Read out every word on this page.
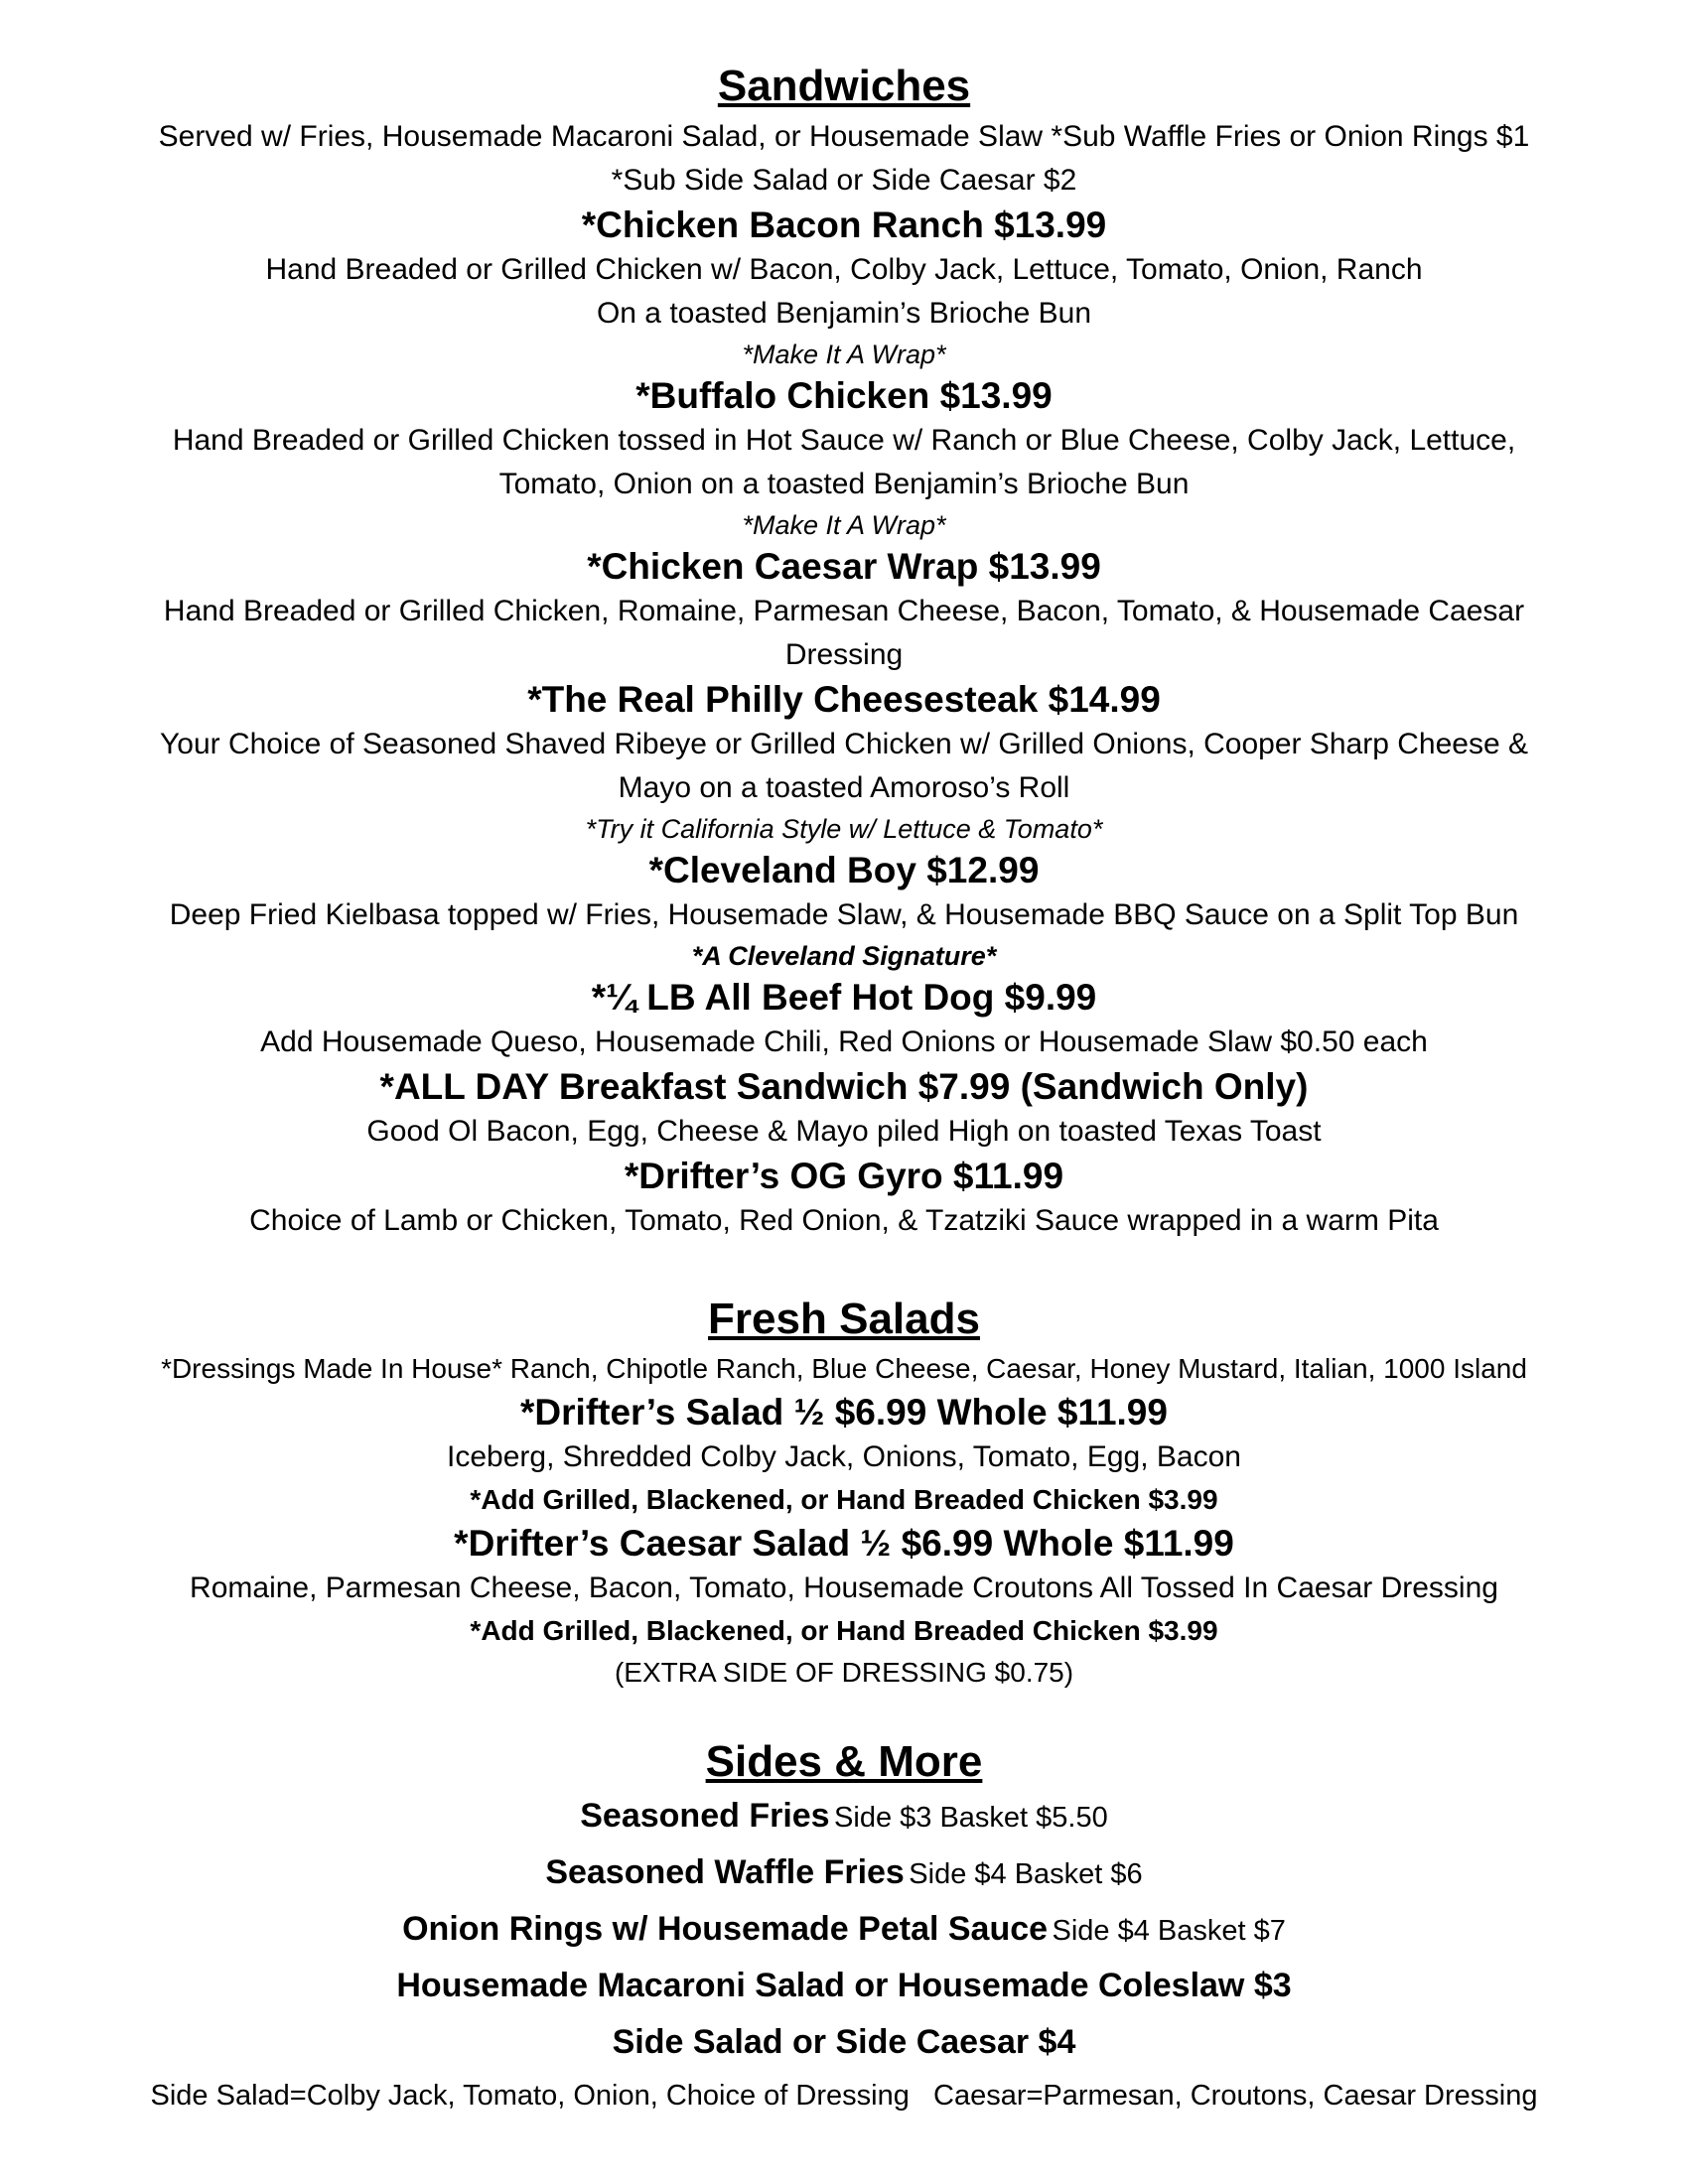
Sandwiches

Served w/ Fries, Housemade Macaroni Salad, or Housemade Slaw *Sub Waffle Fries or Onion Rings $1

*Sub Side Salad or Side Caesar $2

*Chicken Bacon Ranch $13.99

Hand Breaded or Grilled Chicken w/ Bacon, Colby Jack, Lettuce, Tomato, Onion, Ranch

On a toasted Benjamin’s Brioche Bun

*Make It A Wrap*

*Buffalo Chicken $13.99

Hand Breaded or Grilled Chicken tossed in Hot Sauce w/ Ranch or Blue Cheese, Colby Jack, Lettuce,

Tomato, Onion on a toasted Benjamin’s Brioche Bun

*Make It A Wrap*

*Chicken Caesar Wrap $13.99

Hand Breaded or Grilled Chicken, Romaine, Parmesan Cheese, Bacon, Tomato, & Housemade Caesar

Dressing

*The Real Philly Cheesesteak $14.99

Your Choice of Seasoned Shaved Ribeye or Grilled Chicken w/ Grilled Onions, Cooper Sharp Cheese &

Mayo on a toasted Amoroso’s Roll

*Try it California Style w/ Lettuce & Tomato*

*Cleveland Boy $12.99

Deep Fried Kielbasa topped w/ Fries, Housemade Slaw, & Housemade BBQ Sauce on a Split Top Bun

*A Cleveland Signature*

*¼ LB All Beef Hot Dog $9.99

Add Housemade Queso, Housemade Chili, Red Onions or Housemade Slaw $0.50 each

*ALL DAY Breakfast Sandwich $7.99 (Sandwich Only)

Good Ol Bacon, Egg, Cheese & Mayo piled High on toasted Texas Toast

*Drifter’s OG Gyro $11.99

Choice of Lamb or Chicken, Tomato, Red Onion, & Tzatziki Sauce wrapped in a warm Pita

Fresh Salads

*Dressings Made In House* Ranch, Chipotle Ranch, Blue Cheese, Caesar, Honey Mustard, Italian, 1000 Island

*Drifter’s Salad ½ $6.99 Whole $11.99

Iceberg, Shredded Colby Jack, Onions, Tomato, Egg, Bacon

*Add Grilled, Blackened, or Hand Breaded Chicken $3.99

*Drifter’s Caesar Salad ½ $6.99 Whole $11.99

Romaine, Parmesan Cheese, Bacon, Tomato, Housemade Croutons All Tossed In Caesar Dressing

*Add Grilled, Blackened, or Hand Breaded Chicken $3.99

(EXTRA SIDE OF DRESSING $0.75)

Sides & More

Seasoned Fries Side $3 Basket $5.50

Seasoned Waffle Fries Side $4 Basket $6

Onion Rings w/ Housemade Petal Sauce Side $4 Basket $7

Housemade Macaroni Salad or Housemade Coleslaw $3

Side Salad or Side Caesar $4

Side Salad=Colby Jack, Tomato, Onion, Choice of Dressing   Caesar=Parmesan, Croutons, Caesar Dressing
